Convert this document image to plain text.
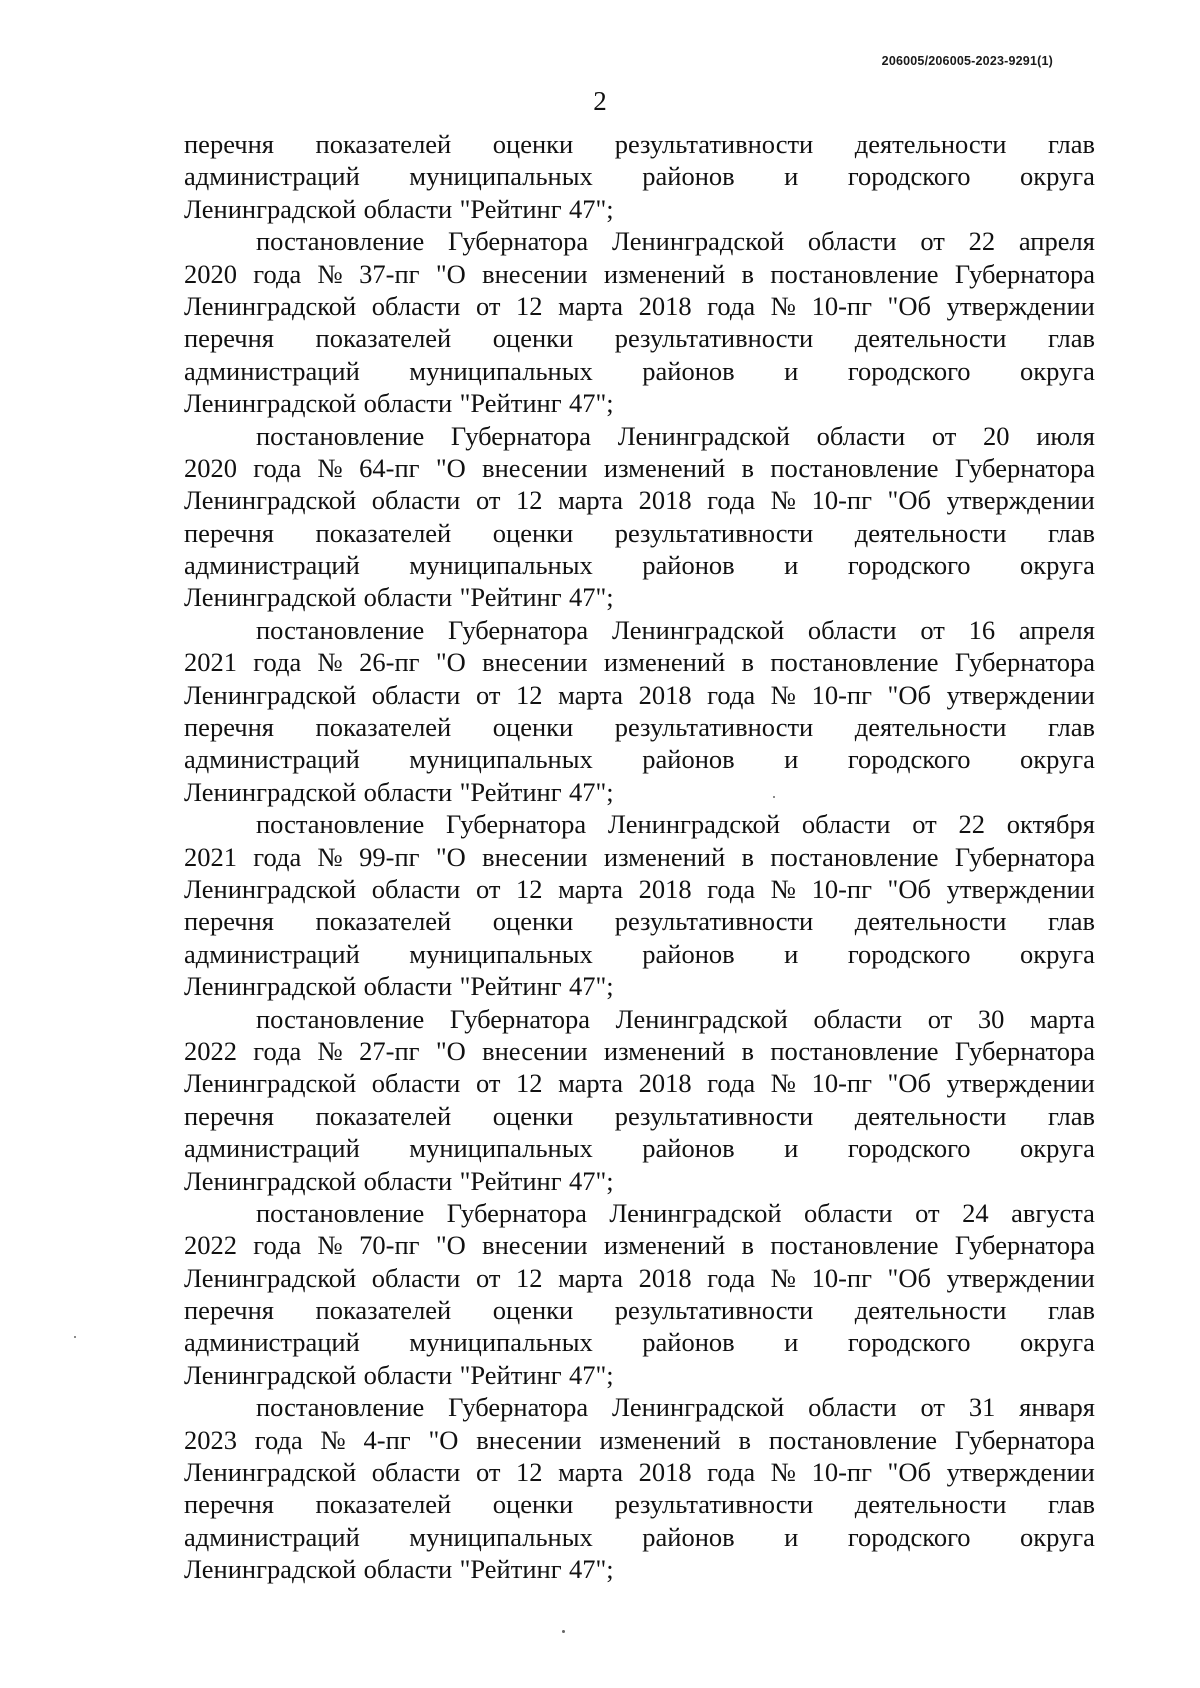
206005/206005-2023-9291(1)
2
перечня показателей оценки результативности деятельности глав
администраций муниципальных районов и городского округа
Ленинградской области "Рейтинг 47";
постановление Губернатора Ленинградской области от 22 апреля
2020 года № 37-пг "О внесении изменений в постановление Губернатора
Ленинградской области от 12 марта 2018 года № 10-пг "Об утверждении
перечня показателей оценки результативности деятельности глав
администраций муниципальных районов и городского округа
Ленинградской области "Рейтинг 47";
постановление Губернатора Ленинградской области от 20 июля
2020 года № 64-пг "О внесении изменений в постановление Губернатора
Ленинградской области от 12 марта 2018 года № 10-пг "Об утверждении
перечня показателей оценки результативности деятельности глав
администраций муниципальных районов и городского округа
Ленинградской области "Рейтинг 47";
постановление Губернатора Ленинградской области от 16 апреля
2021 года № 26-пг "О внесении изменений в постановление Губернатора
Ленинградской области от 12 марта 2018 года № 10-пг "Об утверждении
перечня показателей оценки результативности деятельности глав
администраций муниципальных районов и городского округа
Ленинградской области "Рейтинг 47";
постановление Губернатора Ленинградской области от 22 октября
2021 года № 99-пг "О внесении изменений в постановление Губернатора
Ленинградской области от 12 марта 2018 года № 10-пг "Об утверждении
перечня показателей оценки результативности деятельности глав
администраций муниципальных районов и городского округа
Ленинградской области "Рейтинг 47";
постановление Губернатора Ленинградской области от 30 марта
2022 года № 27-пг "О внесении изменений в постановление Губернатора
Ленинградской области от 12 марта 2018 года № 10-пг "Об утверждении
перечня показателей оценки результативности деятельности глав
администраций муниципальных районов и городского округа
Ленинградской области "Рейтинг 47";
постановление Губернатора Ленинградской области от 24 августа
2022 года № 70-пг "О внесении изменений в постановление Губернатора
Ленинградской области от 12 марта 2018 года № 10-пг "Об утверждении
перечня показателей оценки результативности деятельности глав
администраций муниципальных районов и городского округа
Ленинградской области "Рейтинг 47";
постановление Губернатора Ленинградской области от 31 января
2023 года № 4-пг "О внесении изменений в постановление Губернатора
Ленинградской области от 12 марта 2018 года № 10-пг "Об утверждении
перечня показателей оценки результативности деятельности глав
администраций муниципальных районов и городского округа
Ленинградской области "Рейтинг 47";
